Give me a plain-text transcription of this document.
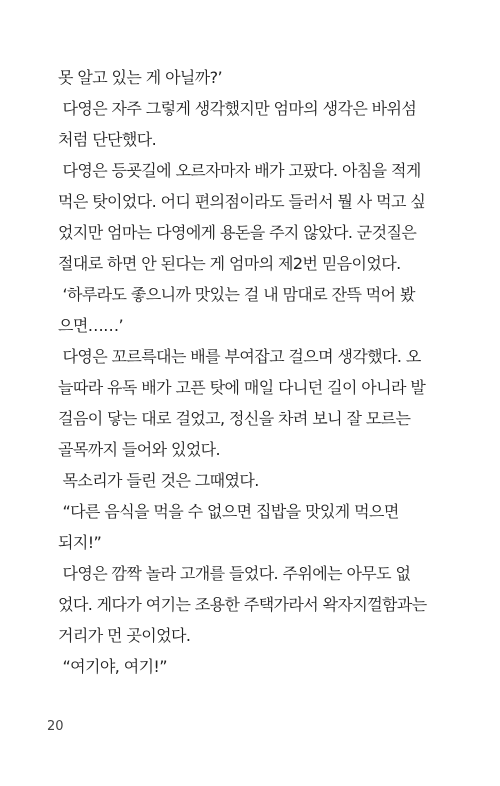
못 알고 있는 게 아닐까?’
다영은 자주 그렇게 생각했지만 엄마의 생각은 바위섬
처럼 단단했다.
다영은 등굣길에 오르자마자 배가 고팠다. 아침을 적게
먹은 탓이었다. 어디 편의점이라도 들러서 뭘 사 먹고 싶
었지만 엄마는 다영에게 용돈을 주지 않았다. 군것질은
절대로 하면 안 된다는 게 엄마의 제2번 믿음이었다.
‘하루라도 좋으니까 맛있는 걸 내 맘대로 잔뜩 먹어 봤
으면……’
다영은 꼬르륵대는 배를 부여잡고 걸으며 생각했다. 오
늘따라 유독 배가 고픈 탓에 매일 다니던 길이 아니라 발
걸음이 닿는 대로 걸었고, 정신을 차려 보니 잘 모르는
골목까지 들어와 있었다.
목소리가 들린 것은 그때였다.
“다른 음식을 먹을 수 없으면 집밥을 맛있게 먹으면
되지!”
다영은 깜짝 놀라 고개를 들었다. 주위에는 아무도 없
었다. 게다가 여기는 조용한 주택가라서 왁자지껄함과는
거리가 먼 곳이었다.
“여기야, 여기!”
20
